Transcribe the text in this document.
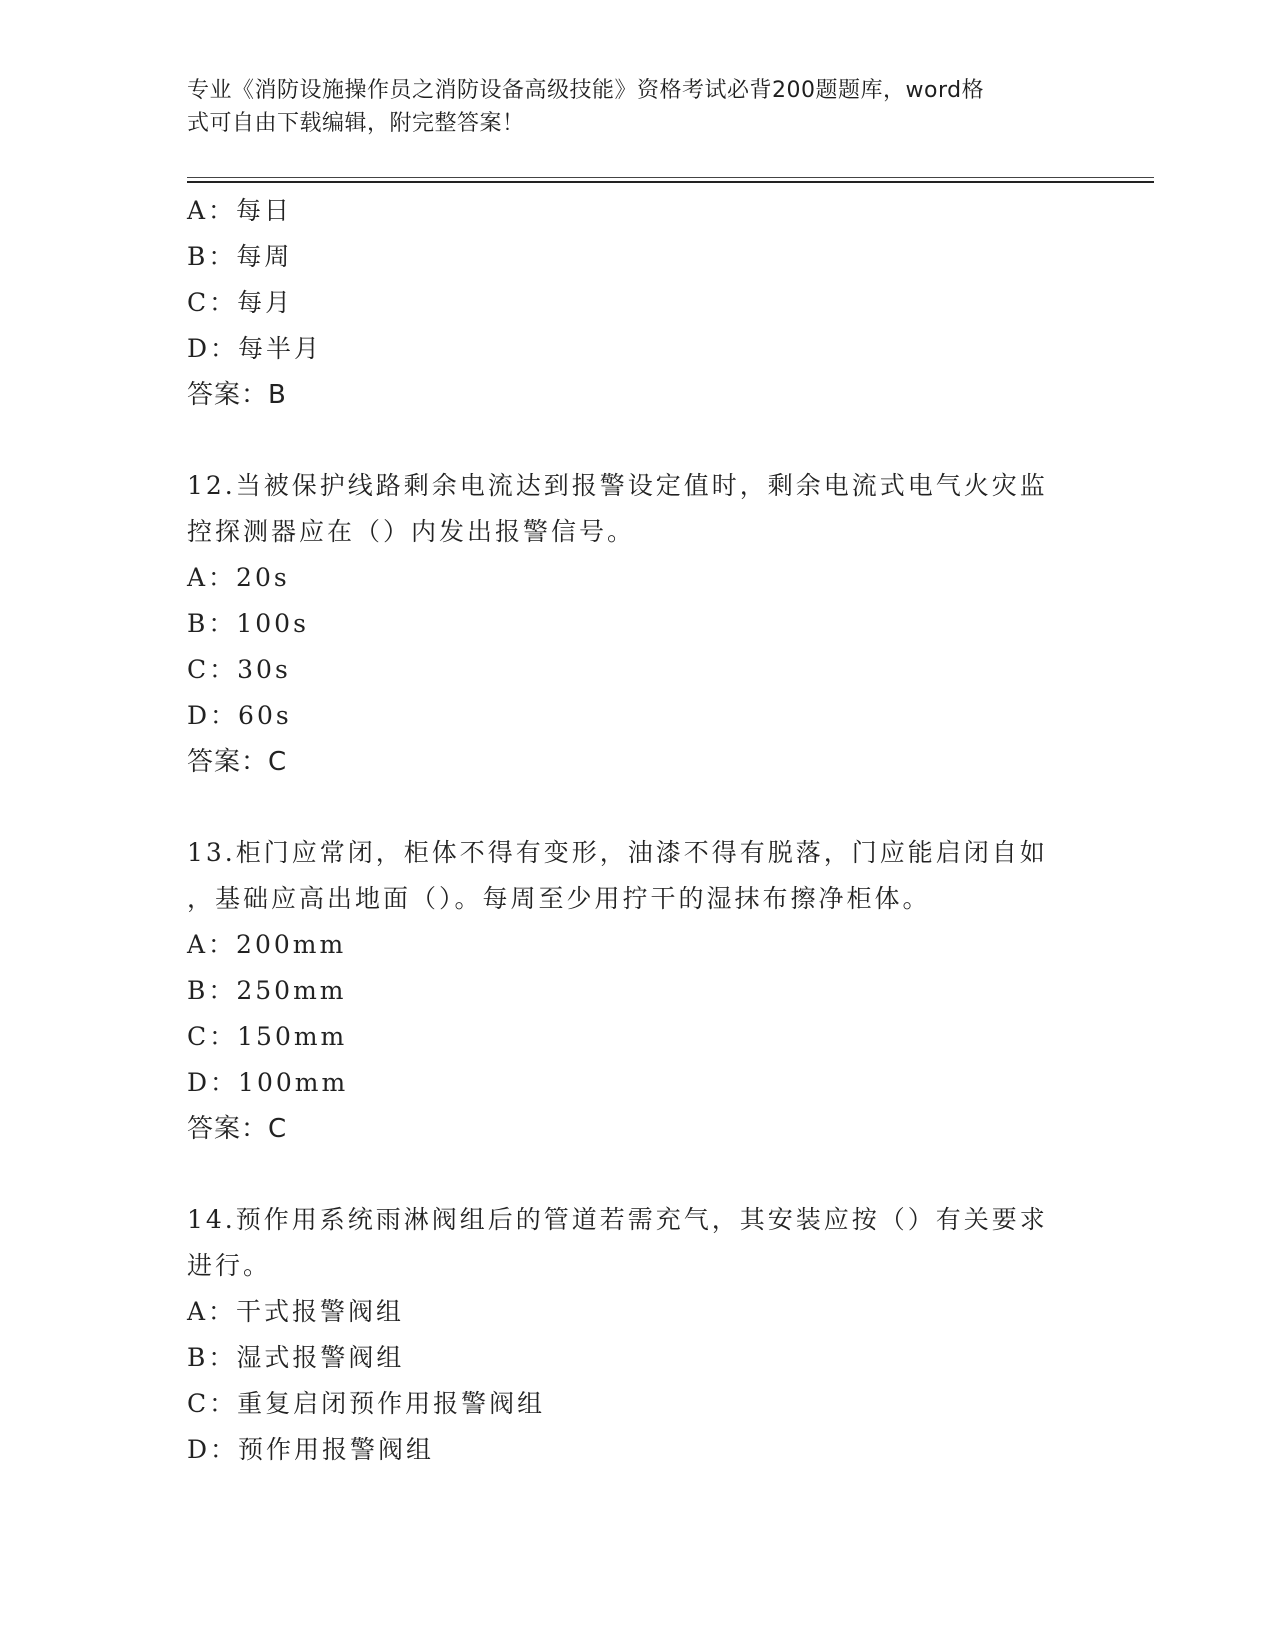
专业《消防设施操作员之消防设备高级技能》资格考试必背200题题库，word格
式可自由下载编辑，附完整答案！
A：每日
B：每周
C：每月
D：每半月
答案：B
12.当被保护线路剩余电流达到报警设定值时，剩余电流式电气火灾监
控探测器应在（）内发出报警信号。
A：20s
B：100s
C：30s
D：60s
答案：C
13.柜门应常闭，柜体不得有变形，油漆不得有脱落，门应能启闭自如
，基础应高出地面（）。每周至少用拧干的湿抹布擦净柜体。
A：200mm
B：250mm
C：150mm
D：100mm
答案：C
14.预作用系统雨淋阀组后的管道若需充气，其安装应按（）有关要求
进行。
A：干式报警阀组
B：湿式报警阀组
C：重复启闭预作用报警阀组
D：预作用报警阀组
